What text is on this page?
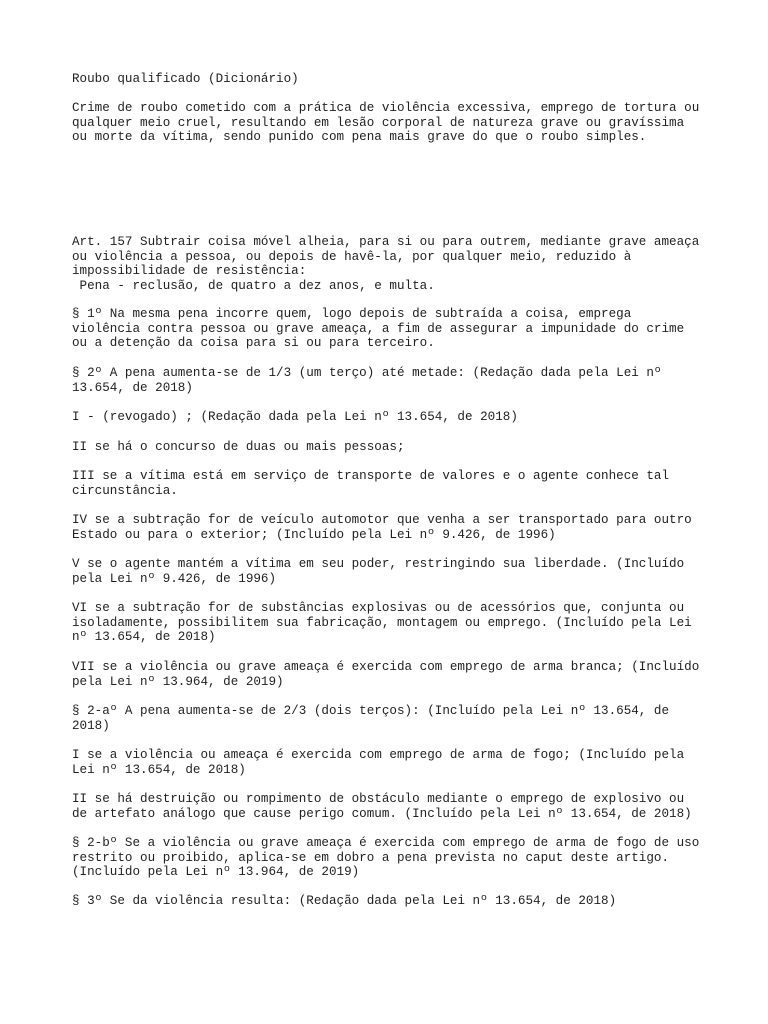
Roubo qualificado (Dicionário)

Crime de roubo cometido com a prática de violência excessiva, emprego de tortura ou
qualquer meio cruel, resultando em lesão corporal de natureza grave ou gravíssima
ou morte da vítima, sendo punido com pena mais grave do que o roubo simples.

Art. 157 Subtrair coisa móvel alheia, para si ou para outrem, mediante grave ameaça
ou violência a pessoa, ou depois de havê-la, por qualquer meio, reduzido à
impossibilidade de resistência:
Pena - reclusão, de quatro a dez anos, e multa.

§ 1º Na mesma pena incorre quem, logo depois de subtraída a coisa, emprega
violência contra pessoa ou grave ameaça, a fim de assegurar a impunidade do crime
ou a detenção da coisa para si ou para terceiro.

§ 2º A pena aumenta-se de 1/3 (um terço) até metade: (Redação dada pela Lei nº
13.654, de 2018)

I - (revogado) ; (Redação dada pela Lei nº 13.654, de 2018)

II se há o concurso de duas ou mais pessoas;

III se a vítima está em serviço de transporte de valores e o agente conhece tal
circunstância.

IV se a subtração for de veículo automotor que venha a ser transportado para outro
Estado ou para o exterior; (Incluído pela Lei nº 9.426, de 1996)

V se o agente mantém a vítima em seu poder, restringindo sua liberdade. (Incluído
pela Lei nº 9.426, de 1996)

VI se a subtração for de substâncias explosivas ou de acessórios que, conjunta ou
isoladamente, possibilitem sua fabricação, montagem ou emprego. (Incluído pela Lei
nº 13.654, de 2018)

VII se a violência ou grave ameaça é exercida com emprego de arma branca; (Incluído
pela Lei nº 13.964, de 2019)

§ 2-aº A pena aumenta-se de 2/3 (dois terços): (Incluído pela Lei nº 13.654, de
2018)

I se a violência ou ameaça é exercida com emprego de arma de fogo; (Incluído pela
Lei nº 13.654, de 2018)

II se há destruição ou rompimento de obstáculo mediante o emprego de explosivo ou
de artefato análogo que cause perigo comum. (Incluído pela Lei nº 13.654, de 2018)

§ 2-bº Se a violência ou grave ameaça é exercida com emprego de arma de fogo de uso
restrito ou proibido, aplica-se em dobro a pena prevista no caput deste artigo.
(Incluído pela Lei nº 13.964, de 2019)

§ 3º Se da violência resulta: (Redação dada pela Lei nº 13.654, de 2018)
